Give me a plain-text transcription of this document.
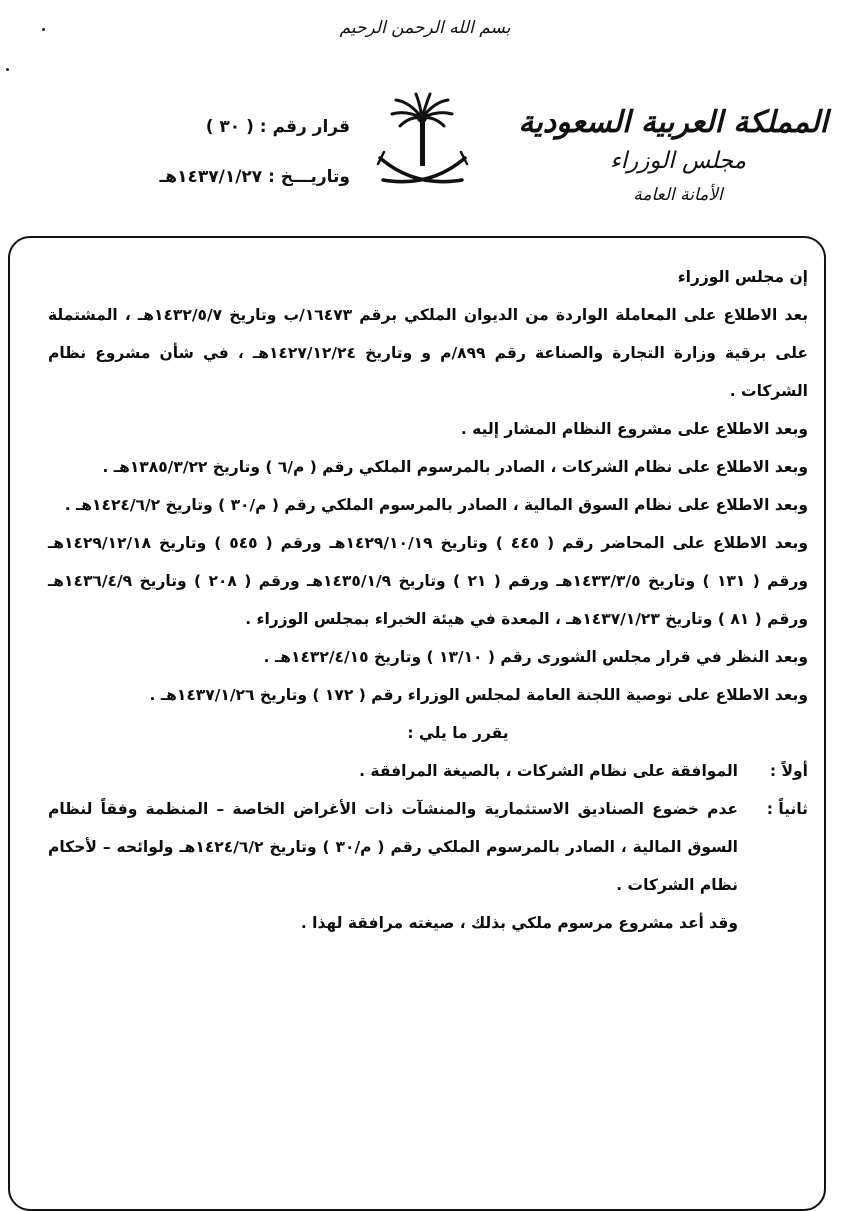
بسم الله الرحمن الرحيم
المملكة العربية السعودية
مجلس الوزراء
الأمانة العامة
قرار رقم : ( ٣٠ )
وتاريـــخ : ١٤٣٧/١/٢٧هـ

إن مجلس الوزراء

بعد الاطلاع على المعاملة الواردة من الديوان الملكي برقم ١٦٤٧٣/ب وتاريخ ١٤٣٢/٥/٧هـ ، المشتملة على برقية وزارة التجارة والصناعة رقم ٨٩٩/م و وتاريخ ١٤٢٧/١٢/٢٤هـ ، في شأن مشروع نظام الشركات .

وبعد الاطلاع على مشروع النظام المشار إليه .

وبعد الاطلاع على نظام الشركات ، الصادر بالمرسوم الملكي رقم ( م/٦ ) وتاريخ ١٣٨٥/٣/٢٢هـ .

وبعد الاطلاع على نظام السوق المالية ، الصادر بالمرسوم الملكي رقم ( م/٣٠ ) وتاريخ ١٤٢٤/٦/٢هـ .

وبعد الاطلاع على المحاضر رقم ( ٤٤٥ ) وتاريخ ١٤٢٩/١٠/١٩هـ ورقم ( ٥٤٥ ) وتاريخ ١٤٢٩/١٢/١٨هـ ورقم ( ١٣١ ) وتاريخ ١٤٣٣/٣/٥هـ ورقم ( ٢١ ) وتاريخ ١٤٣٥/١/٩هـ ورقم ( ٢٠٨ ) وتاريخ ١٤٣٦/٤/٩هـ ورقم ( ٨١ ) وتاريخ ١٤٣٧/١/٢٣هـ ، المعدة في هيئة الخبراء بمجلس الوزراء .

وبعد النظر في قرار مجلس الشورى رقم ( ١٣/١٠ ) وتاريخ ١٤٣٢/٤/١٥هـ .

وبعد الاطلاع على توصية اللجنة العامة لمجلس الوزراء رقم ( ١٧٢ ) وتاريخ ١٤٣٧/١/٢٦هـ .

يقرر ما يلي :

أولاً :
الموافقة على نظام الشركات ، بالصيغة المرافقة .
ثانياً :
عدم خضوع الصناديق الاستثمارية والمنشآت ذات الأغراض الخاصة – المنظمة وفقاً لنظام السوق المالية ، الصادر بالمرسوم الملكي رقم ( م/٣٠ ) وتاريخ ١٤٢٤/٦/٢هـ ولوائحه – لأحكام نظام الشركات .

وقد أعد مشروع مرسوم ملكي بذلك ، صيغته مرافقة لهذا .
